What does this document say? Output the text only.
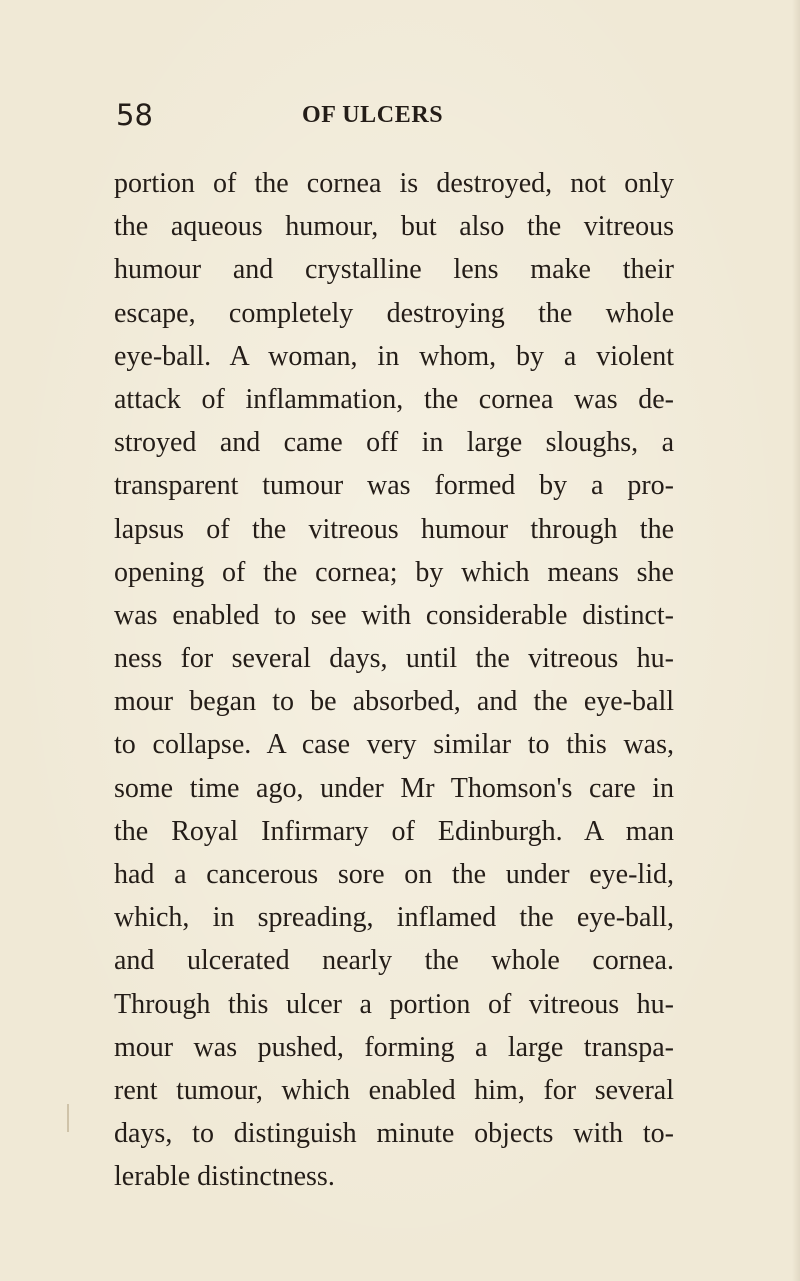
58	OF ULCERS
portion of the cornea is destroyed, not only
the aqueous humour, but also the vitreous
humour and crystalline lens make their
escape, completely destroying the whole
eye-ball. A woman, in whom, by a violent
attack of inflammation, the cornea was de-
stroyed and came off in large sloughs, a
transparent tumour was formed by a pro-
lapsus of the vitreous humour through the
opening of the cornea; by which means she
was enabled to see with considerable distinct-
ness for several days, until the vitreous hu-
mour began to be absorbed, and the eye-ball
to collapse. A case very similar to this was,
some time ago, under Mr Thomson's care in
the Royal Infirmary of Edinburgh. A man
had a cancerous sore on the under eye-lid,
which, in spreading, inflamed the eye-ball,
and ulcerated nearly the whole cornea.
Through this ulcer a portion of vitreous hu-
mour was pushed, forming a large transpa-
rent tumour, which enabled him, for several
days, to distinguish minute objects with to-
lerable distinctness.
